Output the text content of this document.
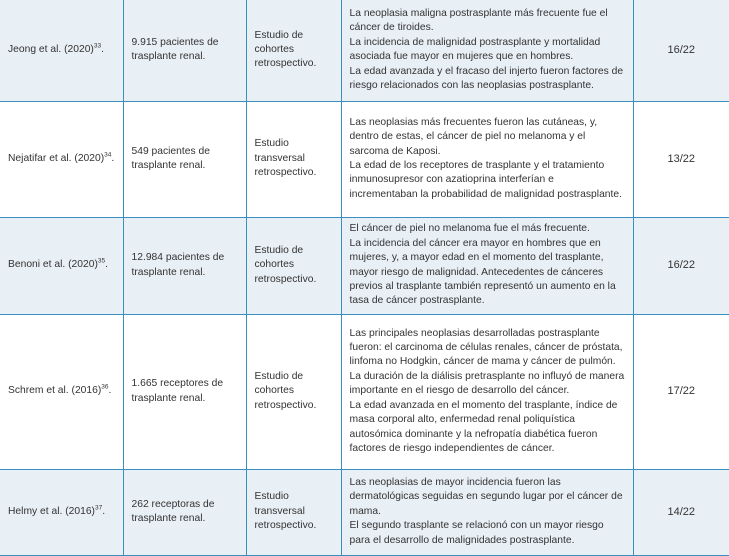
Jeong et al. $(2020)^{33}$.	9.915 pacientes de trasplante renal.	Estudio de cohortes retrospectivo.	La neoplasia maligna postrasplante más frecuente fue el cáncer de tiroides.
La incidencia de malignidad postrasplante y mortalidad asociada fue mayor en mujeres que en hombres.
La edad avanzada y el fracaso del injerto fueron factores de riesgo relacionados con las neoplasias postrasplante.	16/22
Nejatifar et al. $(2020)^{34}$.	549 pacientes de trasplante renal.	Estudio transversal retrospectivo.	Las neoplasias más frecuentes fueron las cutáneas, y, dentro de estas, el cáncer de piel no melanoma y el sarcoma de Kaposi.
La edad de los receptores de trasplante y el tratamiento inmunosupresor con azatioprina interferían e incrementaban la probabilidad de malignidad postrasplante.	13/22
Benoni et al. $(2020)^{35}$.	12.984 pacientes de trasplante renal.	Estudio de cohortes retrospectivo.	El cáncer de piel no melanoma fue el más frecuente.
La incidencia del cáncer era mayor en hombres que en mujeres, y, a mayor edad en el momento del trasplante, mayor riesgo de malignidad. Antecedentes de cánceres previos al trasplante también representó un aumento en la tasa de cáncer postrasplante.	16/22
Schrem et al. $(2016)^{36}$.	1.665 receptores de trasplante renal.	Estudio de cohortes retrospectivo.	Las principales neoplasias desarrolladas postrasplante fueron: el carcinoma de células renales, cáncer de próstata, linfoma no Hodgkin, cáncer de mama y cáncer de pulmón.
La duración de la diálisis pretrasplante no influyó de manera importante en el riesgo de desarrollo del cáncer.
La edad avanzada en el momento del trasplante, índice de masa corporal alto, enfermedad renal poliquística autosómica dominante y la nefropatía diabética fueron factores de riesgo independientes de cáncer.	17/22
Helmy et al. $(2016)^{37}$.	262 receptoras de trasplante renal.	Estudio transversal retrospectivo.	Las neoplasias de mayor incidencia fueron las dermatológicas seguidas en segundo lugar por el cáncer de mama.
El segundo trasplante se relacionó con un mayor riesgo para el desarrollo de malignidades postrasplante.	14/22
